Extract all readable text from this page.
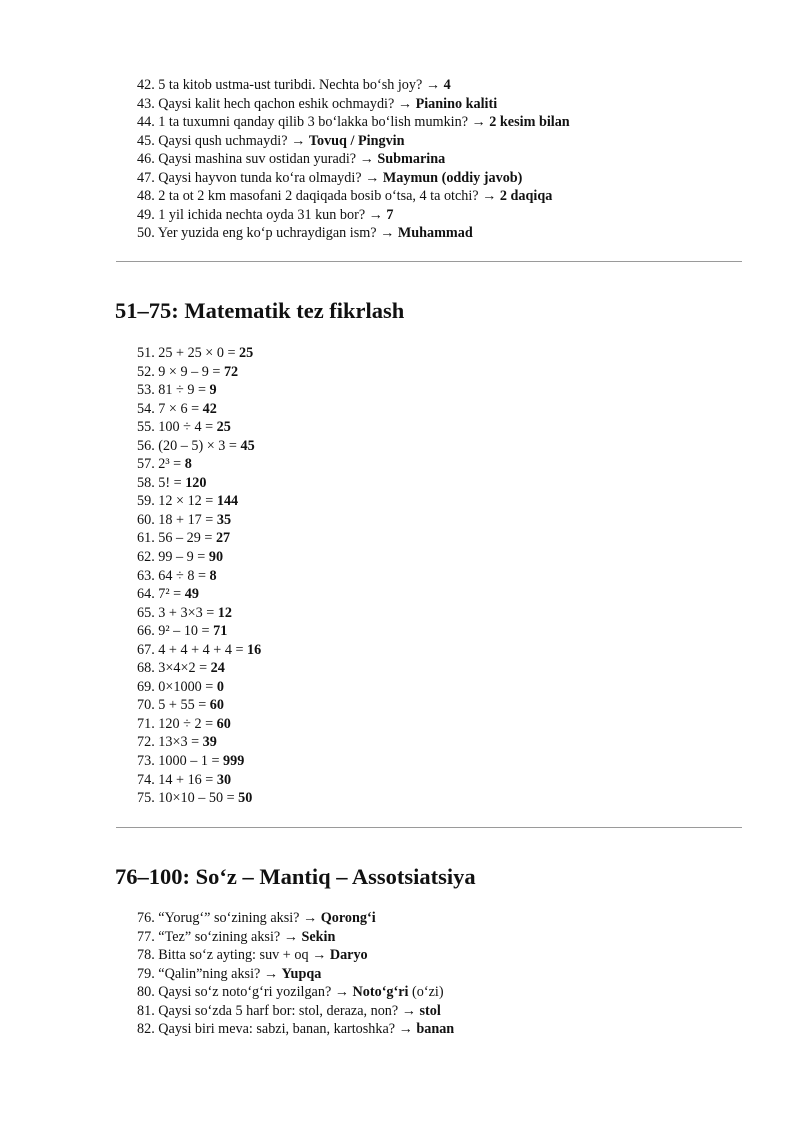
42. 5 ta kitob ustma-ust turibdi. Nechta bo‘sh joy? → 4
43. Qaysi kalit hech qachon eshik ochmaydi? → Pianino kaliti
44. 1 ta tuxumni qanday qilib 3 bo‘lakka bo‘lish mumkin? → 2 kesim bilan
45. Qaysi qush uchmaydi? → Tovuq / Pingvin
46. Qaysi mashina suv ostidan yuradi? → Submarina
47. Qaysi hayvon tunda ko‘ra olmaydi? → Maymun (oddiy javob)
48. 2 ta ot 2 km masofani 2 daqiqada bosib o‘tsa, 4 ta otchi? → 2 daqiqa
49. 1 yil ichida nechta oyda 31 kun bor? → 7
50. Yer yuzida eng ko‘p uchraydigan ism? → Muhammad
51–75: Matematik tez fikrlash
51. 25 + 25 × 0 = 25
52. 9 × 9 – 9 = 72
53. 81 ÷ 9 = 9
54. 7 × 6 = 42
55. 100 ÷ 4 = 25
56. (20 – 5) × 3 = 45
57. 2³ = 8
58. 5! = 120
59. 12 × 12 = 144
60. 18 + 17 = 35
61. 56 – 29 = 27
62. 99 – 9 = 90
63. 64 ÷ 8 = 8
64. 7² = 49
65. 3 + 3×3 = 12
66. 9² – 10 = 71
67. 4 + 4 + 4 + 4 = 16
68. 3×4×2 = 24
69. 0×1000 = 0
70. 5 + 55 = 60
71. 120 ÷ 2 = 60
72. 13×3 = 39
73. 1000 – 1 = 999
74. 14 + 16 = 30
75. 10×10 – 50 = 50
76–100: So‘z – Mantiq – Assotsiatsiya
76. “Yorug‘” so‘zining aksi? → Qorong‘i
77. “Tez” so‘zining aksi? → Sekin
78. Bitta so‘z ayting: suv + oq → Daryo
79. “Qalin”ning aksi? → Yupqa
80. Qaysi so‘z noto‘g‘ri yozilgan? → Noto‘g‘ri (o‘zi)
81. Qaysi so‘zda 5 harf bor: stol, deraza, non? → stol
82. Qaysi biri meva: sabzi, banan, kartoshka? → banan
